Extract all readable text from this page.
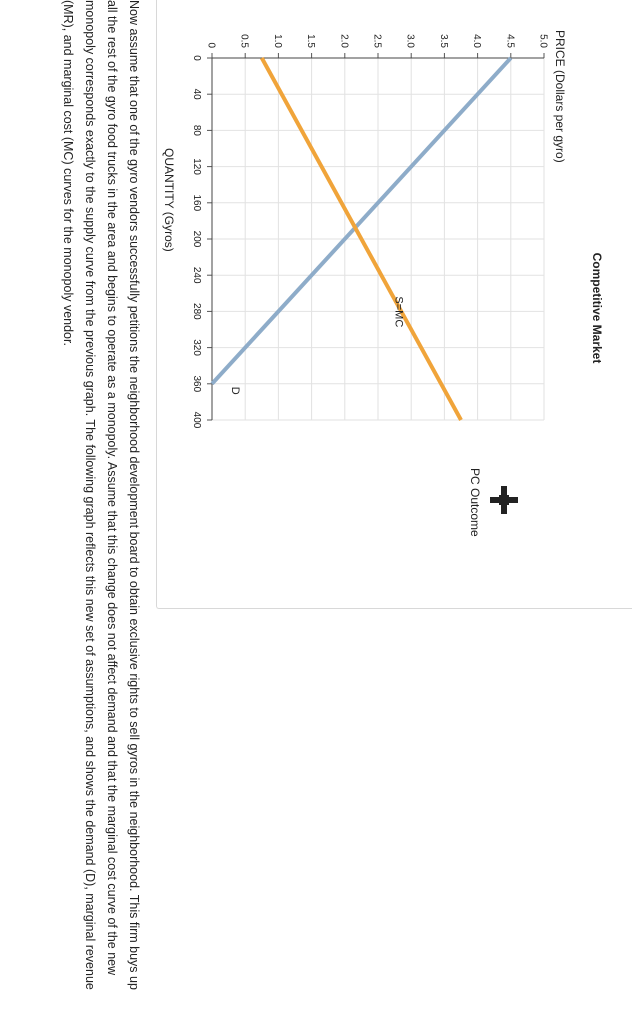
Competitive Market
PRICE (Dollars per gyro)
QUANTITY (Gyros)
0 0.5 1.0 1.5 2.0 2.5 3.0 3.5 4.0 4.5 5.0
0
40
80
120
160
200
240
280
320
360
400
D
S=MC
PC Outcome

Now assume that one of the gyro vendors successfully petitions the neighborhood development board to obtain exclusive rights to sell gyros in the neighborhood. This firm buys up all the rest of the gyro food trucks in the area and begins to operate as a monopoly. Assume that this change does not affect demand and that the marginal cost curve of the new monopoly corresponds exactly to the supply curve from the previous graph. The following graph reflects this new set of assumptions, and shows the demand (D), marginal revenue (MR), and marginal cost (MC) curves for the monopoly vendor.
